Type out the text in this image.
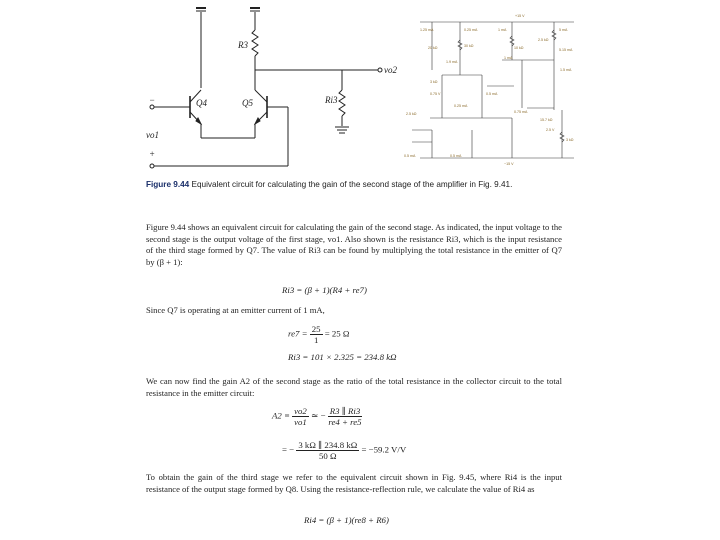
+15 V
1.25 mA	0.25 mA
20 kΩ	30 kΩ
1 mA
2.5 kΩ
5 mA
5.15 mA
1.9 mA
10 kΩ
1 mA
1.5 mA
3 kΩ
0.75 V	0.5 mA
0.25 mA
2.5 kΩ	0.75 mA
15.7 kΩ
3 kΩ
0.5 mA	0.5 mA
−15 V
2.5 V
R3
Q4	Q5
vo2
Ri3
vo1
−
+
Figure 9.44 Equivalent circuit for calculating the gain of the second stage of the amplifier in Fig. 9.41.
Figure 9.44 shows an equivalent circuit for calculating the gain of the second stage. As indicated, the input voltage to the second stage is the output voltage of the first stage, vo1. Also shown is the resistance Ri3, which is the input resistance of the third stage formed by Q7. The value of Ri3 can be found by multiplying the total resistance in the emitter of Q7 by (β + 1):
Ri3 = (β + 1)(R4 + re7)
Since Q7 is operating at an emitter current of 1 mA,
$re7 = \frac{25}{1} = 25$ Ω
Ri3 = 101 × 2.325 = 234.8 kΩ
We can now find the gain A2 of the second stage as the ratio of the total resistance in the collector circuit to the total resistance in the emitter circuit:
$A2 \equiv \frac{vo2}{vo1}$ ≃ − $\frac{R3 \parallel Ri3}{re4 + re5}$
= − $\frac{3 k\Omega \parallel 234.8 k\Omega}{50 \Omega} = -59.2$ V/V
To obtain the gain of the third stage we refer to the equivalent circuit shown in Fig. 9.45, where Ri4 is the input resistance of the output stage formed by Q8. Using the resistance-reflection rule, we calculate the value of Ri4 as
Ri4 = (β + 1)(re8 + R6)
